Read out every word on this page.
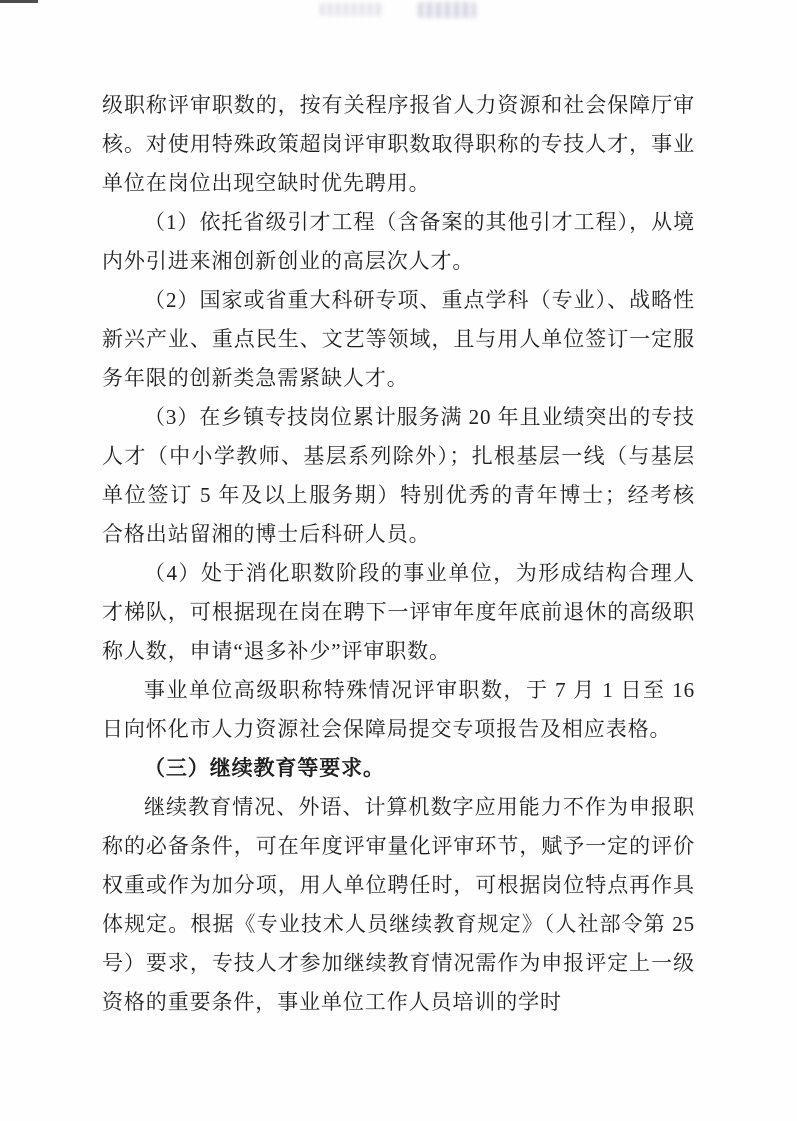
级职称评审职数的，按有关程序报省人力资源和社会保障厅审核。对使用特殊政策超岗评审职数取得职称的专技人才，事业单位在岗位出现空缺时优先聘用。

（1）依托省级引才工程（含备案的其他引才工程），从境内外引进来湘创新创业的高层次人才。

（2）国家或省重大科研专项、重点学科（专业）、战略性新兴产业、重点民生、文艺等领域，且与用人单位签订一定服务年限的创新类急需紧缺人才。

（3）在乡镇专技岗位累计服务满 20 年且业绩突出的专技人才（中小学教师、基层系列除外）；扎根基层一线（与基层单位签订 5 年及以上服务期）特别优秀的青年博士；经考核合格出站留湘的博士后科研人员。

（4）处于消化职数阶段的事业单位，为形成结构合理人才梯队，可根据现在岗在聘下一评审年度年底前退休的高级职称人数，申请“退多补少”评审职数。

事业单位高级职称特殊情况评审职数，于 7 月 1 日至 16 日向怀化市人力资源社会保障局提交专项报告及相应表格。

（三）继续教育等要求。

继续教育情况、外语、计算机数字应用能力不作为申报职称的必备条件，可在年度评审量化评审环节，赋予一定的评价权重或作为加分项，用人单位聘任时，可根据岗位特点再作具体规定。根据《专业技术人员继续教育规定》（人社部令第 25 号）要求，专技人才参加继续教育情况需作为申报评定上一级资格的重要条件，事业单位工作人员培训的学时
